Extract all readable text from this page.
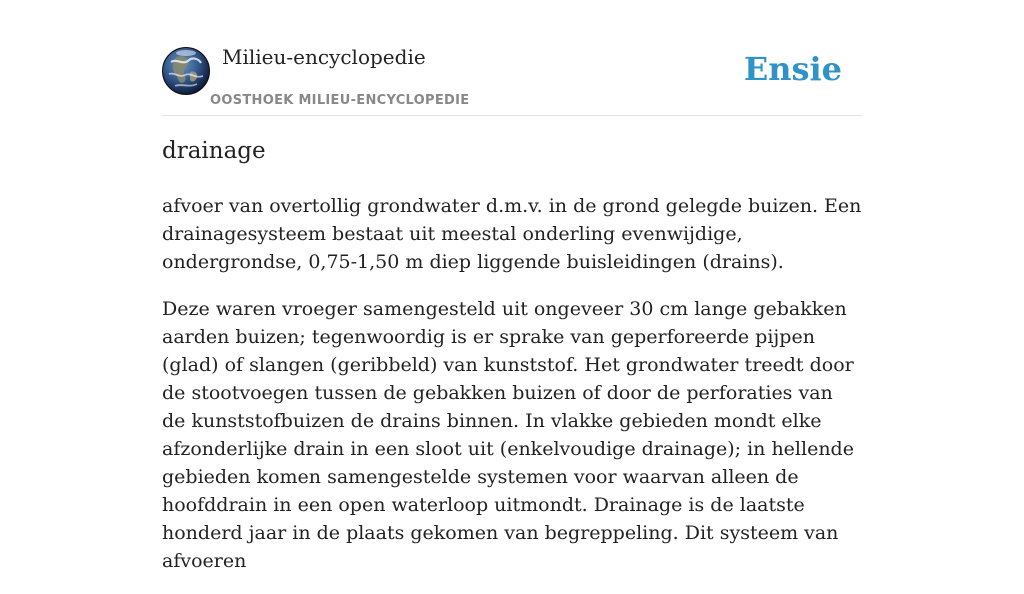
Milieu-encyclopedie
OOSTHOEK MILIEU-ENCYCLOPEDIE
Ensie
drainage

afvoer van overtollig grondwater d.m.v. in de grond gelegde buizen. Een drainagesysteem bestaat uit meestal onderling evenwijdige, ondergrondse, 0,75-1,50 m diep liggende buisleidingen (drains).

Deze waren vroeger samengesteld uit ongeveer 30 cm lange gebakken aarden buizen; tegenwoordig is er sprake van geperforeerde pijpen (glad) of slangen (geribbeld) van kunststof. Het grondwater treedt door de stootvoegen tussen de gebakken buizen of door de perforaties van de kunststofbuizen de drains binnen. In vlakke gebieden mondt elke afzonderlijke drain in een sloot uit (enkelvoudige drainage); in hellende gebieden komen samengestelde systemen voor waarvan alleen de hoofddrain in een open waterloop uitmondt. Drainage is de laatste honderd jaar in de plaats gekomen van begreppeling. Dit systeem van afvoeren
